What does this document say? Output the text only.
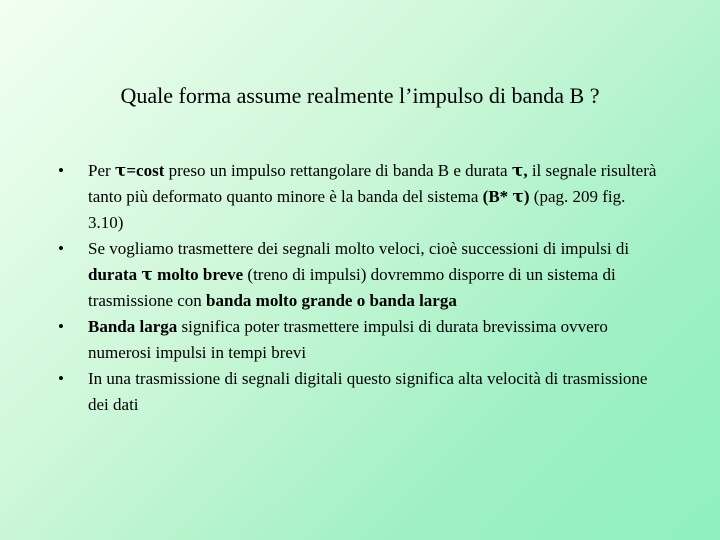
Quale forma assume realmente l’impulso di banda B ?
•	Per τ=cost preso un impulso rettangolare di banda B e durata τ, il segnale risulterà tanto più deformato quanto minore è la banda del sistema (B* τ) (pag. 209 fig. 3.10)
•	Se vogliamo trasmettere dei segnali molto veloci, cioè successioni di impulsi di durata τ molto breve (treno di impulsi) dovremmo disporre di un sistema di trasmissione con banda molto grande o banda larga
•	Banda larga significa poter trasmettere impulsi di durata brevissima ovvero numerosi impulsi in tempi brevi
•	In una trasmissione di segnali digitali questo significa alta velocità di trasmissione dei dati
